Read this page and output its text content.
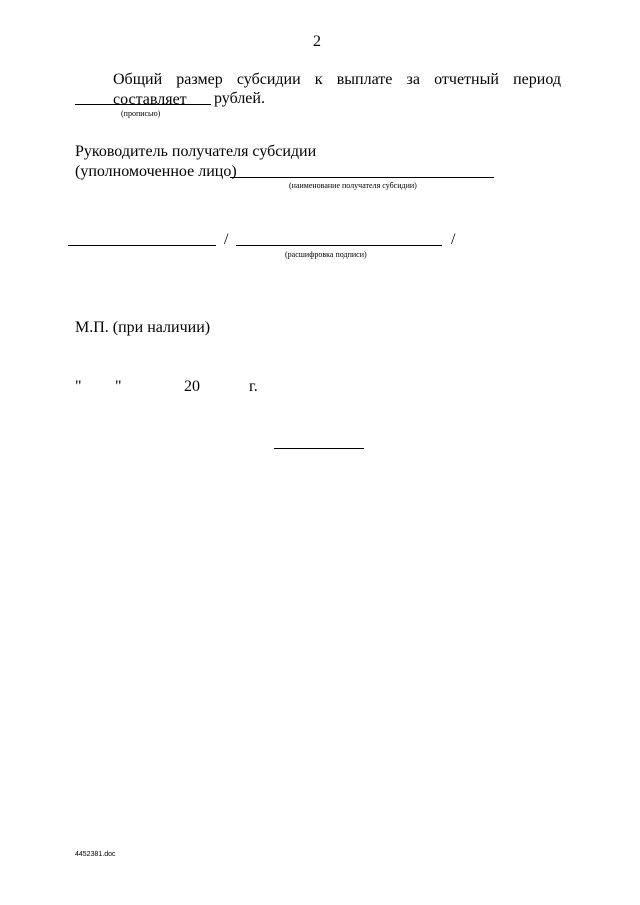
2
Общий размер субсидии к выплате за отчетный период составляет	рублей.
(прописью)
Руководитель получателя субсидии
(уполномоченное лицо)
(наименование получателя субсидии)
/	/
(расшифровка подписи)
М.П. (при наличии)
" "	20	г.
4452381.doc
